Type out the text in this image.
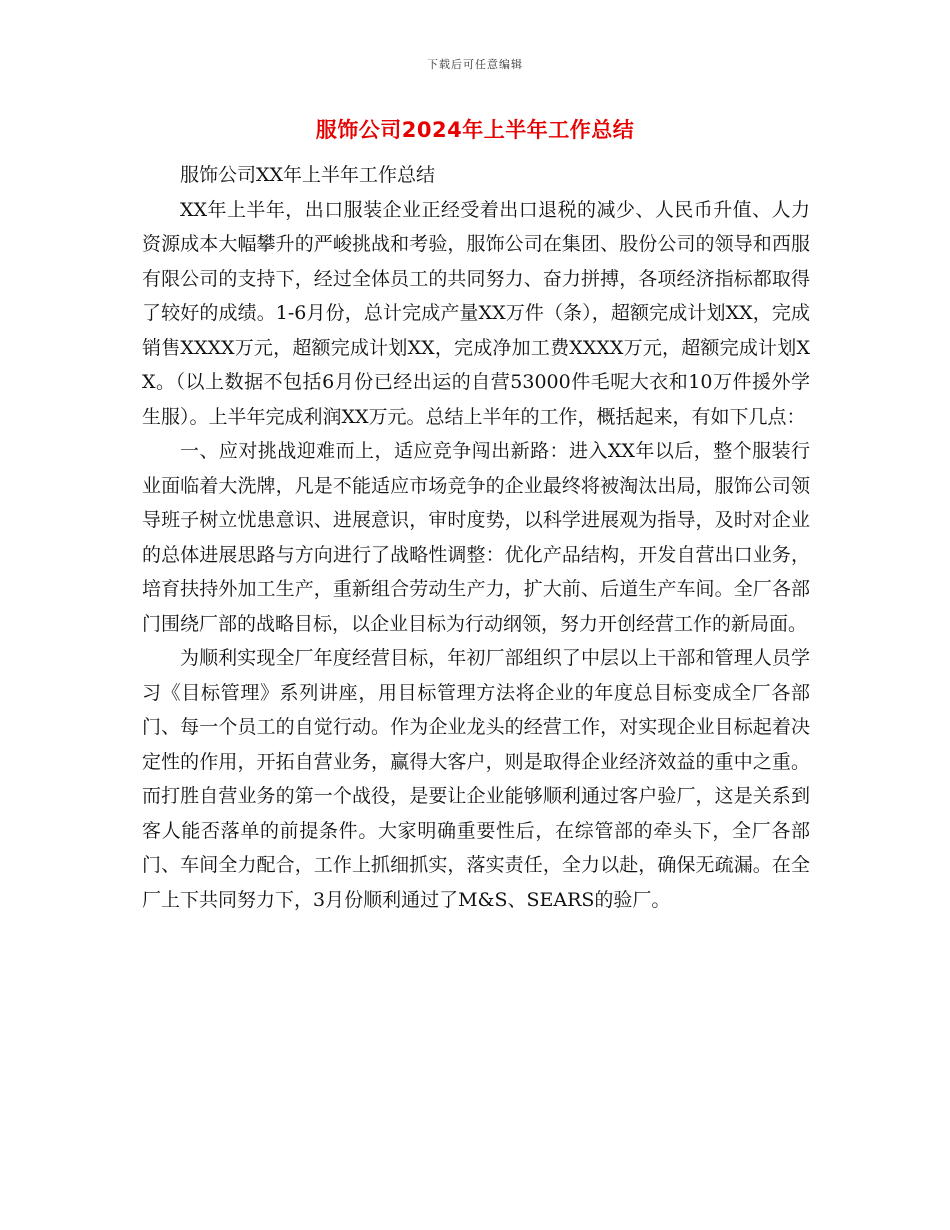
下载后可任意编辑
服饰公司2024年上半年工作总结

服饰公司XX年上半年工作总结

XX年上半年，出口服装企业正经受着出口退税的减少、人民币升值、人力资源成本大幅攀升的严峻挑战和考验，服饰公司在集团、股份公司的领导和西服有限公司的支持下，经过全体员工的共同努力、奋力拼搏，各项经济指标都取得了较好的成绩。1-6月份，总计完成产量XX万件（条），超额完成计划XX，完成销售XXXX万元，超额完成计划XX，完成净加工费XXXX万元，超额完成计划XX。（以上数据不包括6月份已经出运的自营53000件毛呢大衣和10万件援外学生服）。上半年完成利润XX万元。总结上半年的工作，概括起来，有如下几点：

一、应对挑战迎难而上，适应竞争闯出新路：进入XX年以后，整个服装行业面临着大洗牌，凡是不能适应市场竞争的企业最终将被淘汰出局，服饰公司领导班子树立忧患意识、进展意识，审时度势，以科学进展观为指导，及时对企业的总体进展思路与方向进行了战略性调整：优化产品结构，开发自营出口业务，培育扶持外加工生产，重新组合劳动生产力，扩大前、后道生产车间。全厂各部门围绕厂部的战略目标，以企业目标为行动纲领，努力开创经营工作的新局面。

为顺利实现全厂年度经营目标，年初厂部组织了中层以上干部和管理人员学习《目标管理》系列讲座，用目标管理方法将企业的年度总目标变成全厂各部门、每一个员工的自觉行动。作为企业龙头的经营工作，对实现企业目标起着决定性的作用，开拓自营业务，赢得大客户，则是取得企业经济效益的重中之重。而打胜自营业务的第一个战役，是要让企业能够顺利通过客户验厂，这是关系到客人能否落单的前提条件。大家明确重要性后，在综管部的牵头下，全厂各部门、车间全力配合，工作上抓细抓实，落实责任，全力以赴，确保无疏漏。在全厂上下共同努力下，3月份顺利通过了M&S、SEARS的验厂。
